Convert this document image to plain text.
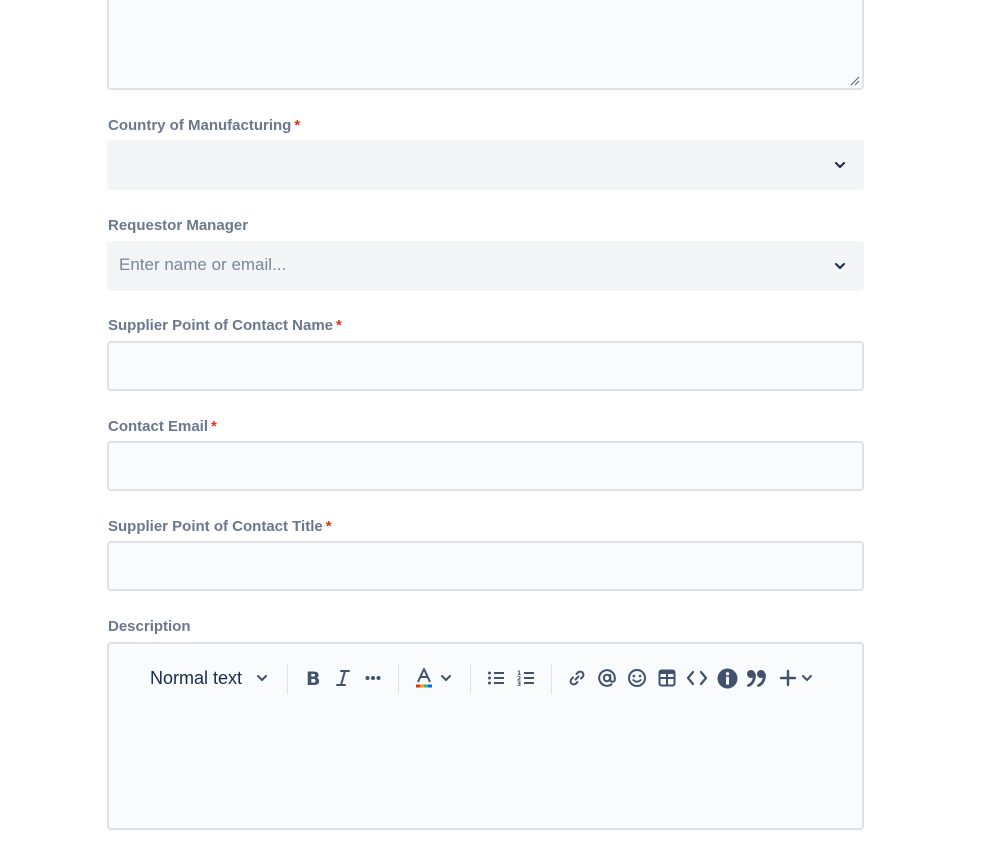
Country of Manufacturing *
Requestor Manager
Enter name or email...
Supplier Point of Contact Name *
Contact Email *
Supplier Point of Contact Title *
Description
Normal text	B	1
2
3
